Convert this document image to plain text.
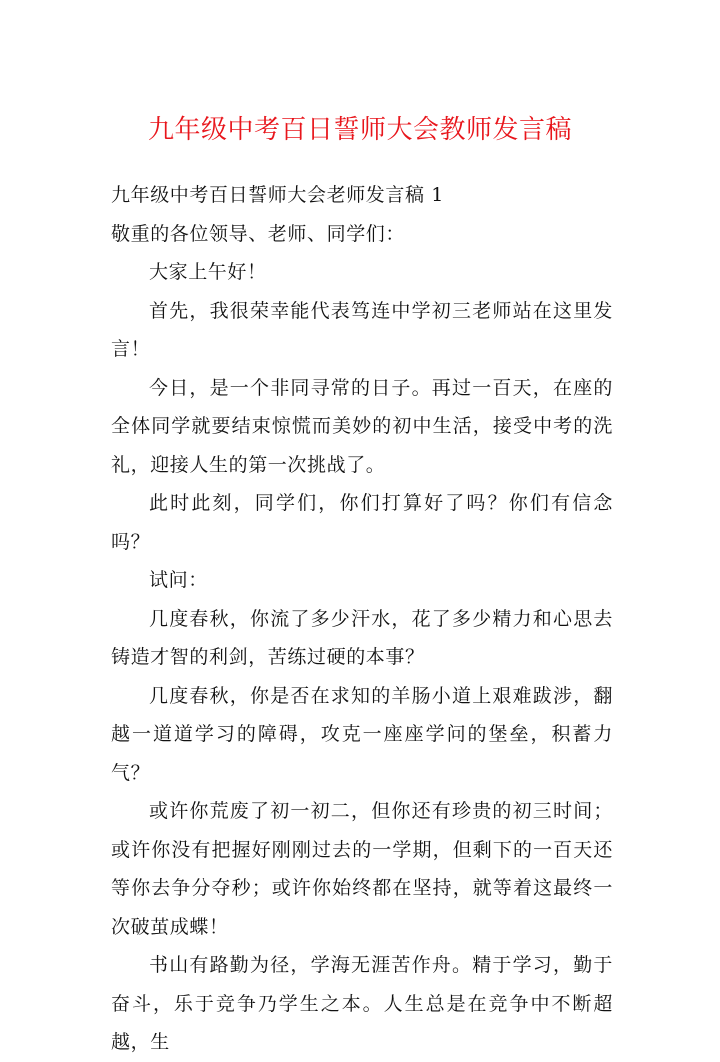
九年级中考百日誓师大会教师发言稿

九年级中考百日誓师大会老师发言稿 1

敬重的各位领导、老师、同学们：

大家上午好！

首先，我很荣幸能代表笃连中学初三老师站在这里发言！

今日，是一个非同寻常的日子。再过一百天，在座的全体同学就要结束惊慌而美妙的初中生活，接受中考的洗礼，迎接人生的第一次挑战了。

此时此刻，同学们，你们打算好了吗？你们有信念吗？

试问：

几度春秋，你流了多少汗水，花了多少精力和心思去铸造才智的利剑，苦练过硬的本事？

几度春秋，你是否在求知的羊肠小道上艰难跋涉，翻越一道道学习的障碍，攻克一座座学问的堡垒，积蓄力气？

或许你荒废了初一初二，但你还有珍贵的初三时间；或许你没有把握好刚刚过去的一学期，但剩下的一百天还等你去争分夺秒；或许你始终都在坚持，就等着这最终一次破茧成蝶！

书山有路勤为径，学海无涯苦作舟。精于学习，勤于奋斗，乐于竞争乃学生之本。人生总是在竞争中不断超越，生
